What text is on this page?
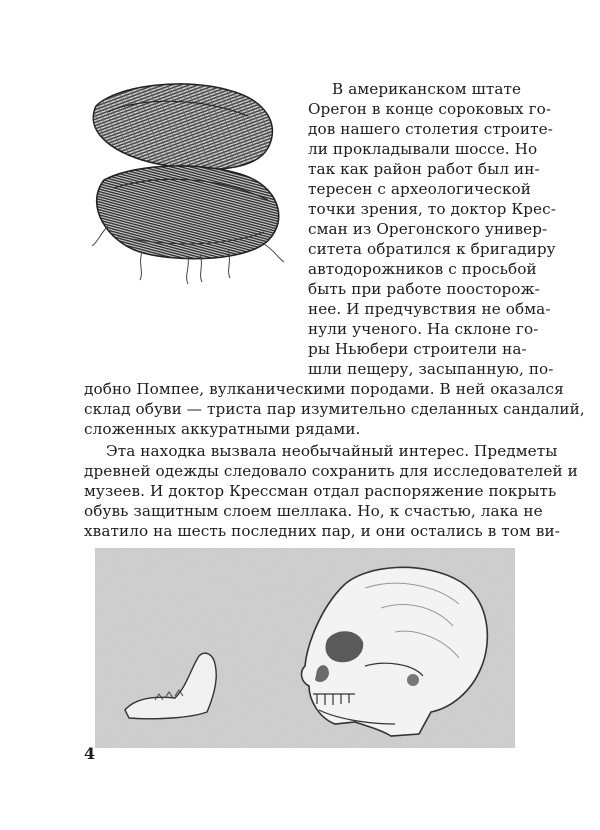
В американском штате
Орегон в конце сороковых го-
дов нашего столетия строите-
ли прокладывали шоссе. Но
так как район работ был ин-
тересен с археологической
точки зрения, то доктор Крес-
сман из Орегонского универ-
ситета обратился к бригадиру
автодорожников с просьбой
быть при работе поосторож-
нее. И предчувствия не обма-
нули ученого. На склоне го-
ры Ньюбери строители на-
шли пещеру, засыпанную, по-
добно Помпее, вулканическими породами. В ней оказался
склад обуви — триста пар изумительно сделанных сандалий,
сложенных аккуратными рядами.
Эта находка вызвала необычайный интерес. Предметы
древней одежды следовало сохранить для исследователей и
музеев. И доктор Крессман отдал распоряжение покрыть
обувь защитным слоем шеллака. Но, к счастью, лака не
хватило на шесть последних пар, и они остались в том ви-
4
